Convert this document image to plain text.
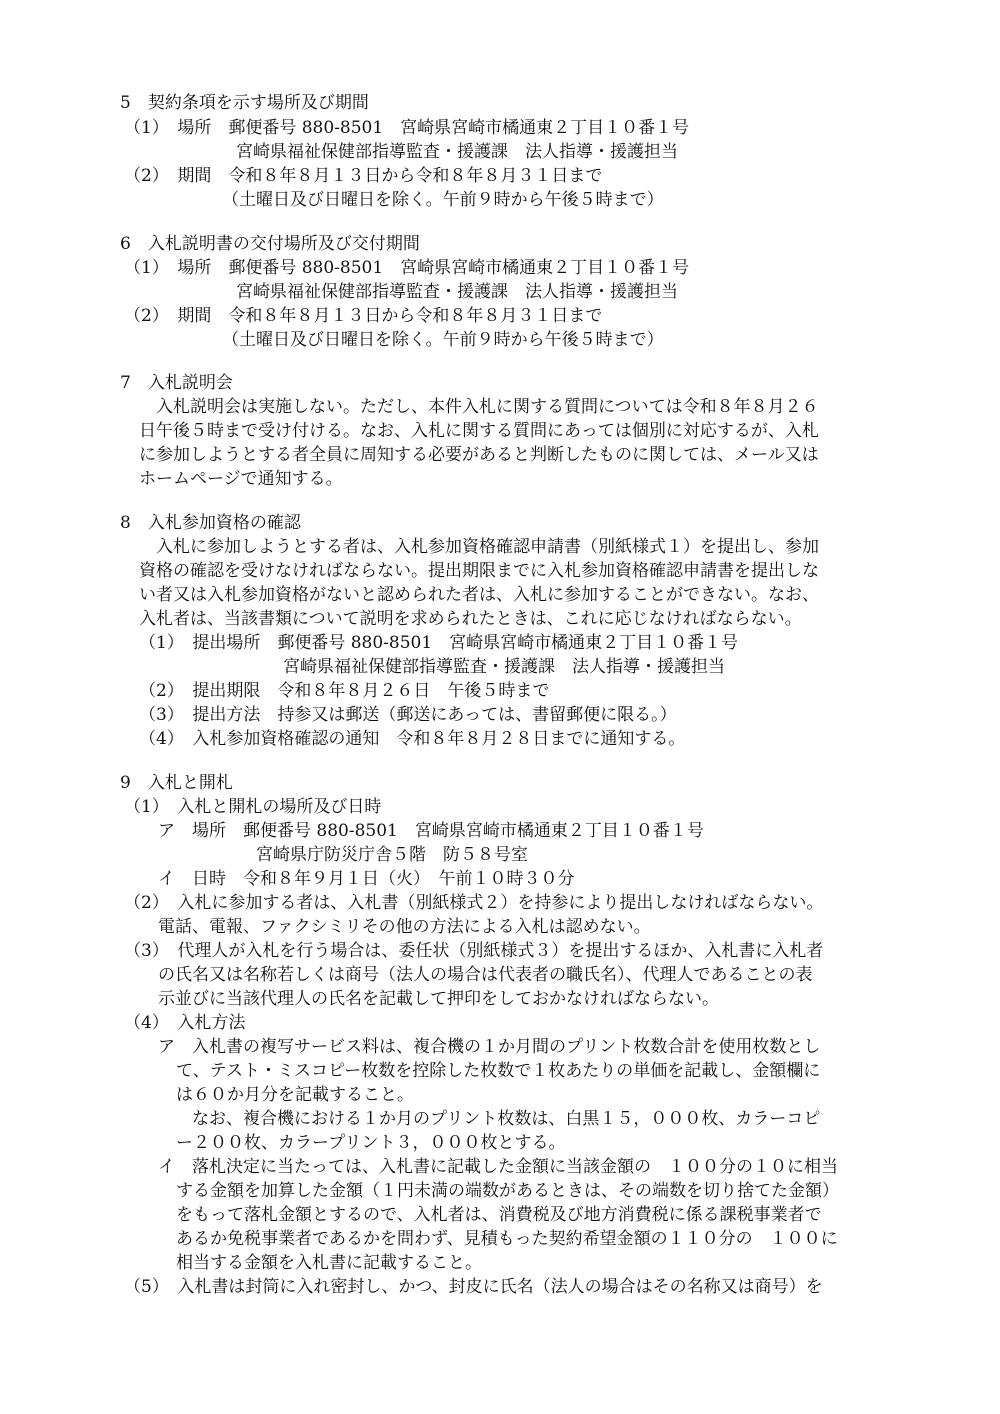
5　契約条項を示す場所及び期間
（1）　場所　郵便番号 880-8501　宮崎県宮崎市橘通東２丁目１０番１号
宮崎県福祉保健部指導監査・援護課　法人指導・援護担当
（2）　期間　令和８年８月１３日から令和８年８月３１日まで
（土曜日及び日曜日を除く。午前９時から午後５時まで）
6　入札説明書の交付場所及び交付期間
（1）　場所　郵便番号 880-8501　宮崎県宮崎市橘通東２丁目１０番１号
宮崎県福祉保健部指導監査・援護課　法人指導・援護担当
（2）　期間　令和８年８月１３日から令和８年８月３１日まで
（土曜日及び日曜日を除く。午前９時から午後５時まで）
7　入札説明会
入札説明会は実施しない。ただし、本件入札に関する質問については令和８年８月２６
日午後５時まで受け付ける。なお、入札に関する質問にあっては個別に対応するが、入札
に参加しようとする者全員に周知する必要があると判断したものに関しては、メール又は
ホームページで通知する。
8　入札参加資格の確認
入札に参加しようとする者は、入札参加資格確認申請書（別紙様式１）を提出し、参加
資格の確認を受けなければならない。提出期限までに入札参加資格確認申請書を提出しな
い者又は入札参加資格がないと認められた者は、入札に参加することができない。なお、
入札者は、当該書類について説明を求められたときは、これに応じなければならない。
（1）　提出場所　郵便番号 880-8501　宮崎県宮崎市橘通東２丁目１０番１号
宮崎県福祉保健部指導監査・援護課　法人指導・援護担当
（2）　提出期限　令和８年８月２６日　午後５時まで
（3）　提出方法　持参又は郵送（郵送にあっては、書留郵便に限る。）
（4）　入札参加資格確認の通知　令和８年８月２８日までに通知する。
9　入札と開札
（1）　入札と開札の場所及び日時
ア　場所　郵便番号 880-8501　宮崎県宮崎市橘通東２丁目１０番１号
宮崎県庁防災庁舎５階　防５８号室
イ　日時　令和８年９月１日（火）　午前１０時３０分
（2）　入札に参加する者は、入札書（別紙様式２）を持参により提出しなければならない。
電話、電報、ファクシミリその他の方法による入札は認めない。
（3）　代理人が入札を行う場合は、委任状（別紙様式３）を提出するほか、入札書に入札者
の氏名又は名称若しくは商号（法人の場合は代表者の職氏名）、代理人であることの表
示並びに当該代理人の氏名を記載して押印をしておかなければならない。
（4）　入札方法
ア　入札書の複写サービス料は、複合機の１か月間のプリント枚数合計を使用枚数とし
て、テスト・ミスコピー枚数を控除した枚数で１枚あたりの単価を記載し、金額欄に
は６０か月分を記載すること。
なお、複合機における１か月のプリント枚数は、白黒１５，０００枚、カラーコピ
ー２００枚、カラープリント３，０００枚とする。
イ　落札決定に当たっては、入札書に記載した金額に当該金額の　１００分の１０に相当
する金額を加算した金額（１円未満の端数があるときは、その端数を切り捨てた金額）
をもって落札金額とするので、入札者は、消費税及び地方消費税に係る課税事業者で
あるか免税事業者であるかを問わず、見積もった契約希望金額の１１０分の　１００に
相当する金額を入札書に記載すること。
（5）　入札書は封筒に入れ密封し、かつ、封皮に氏名（法人の場合はその名称又は商号）を
